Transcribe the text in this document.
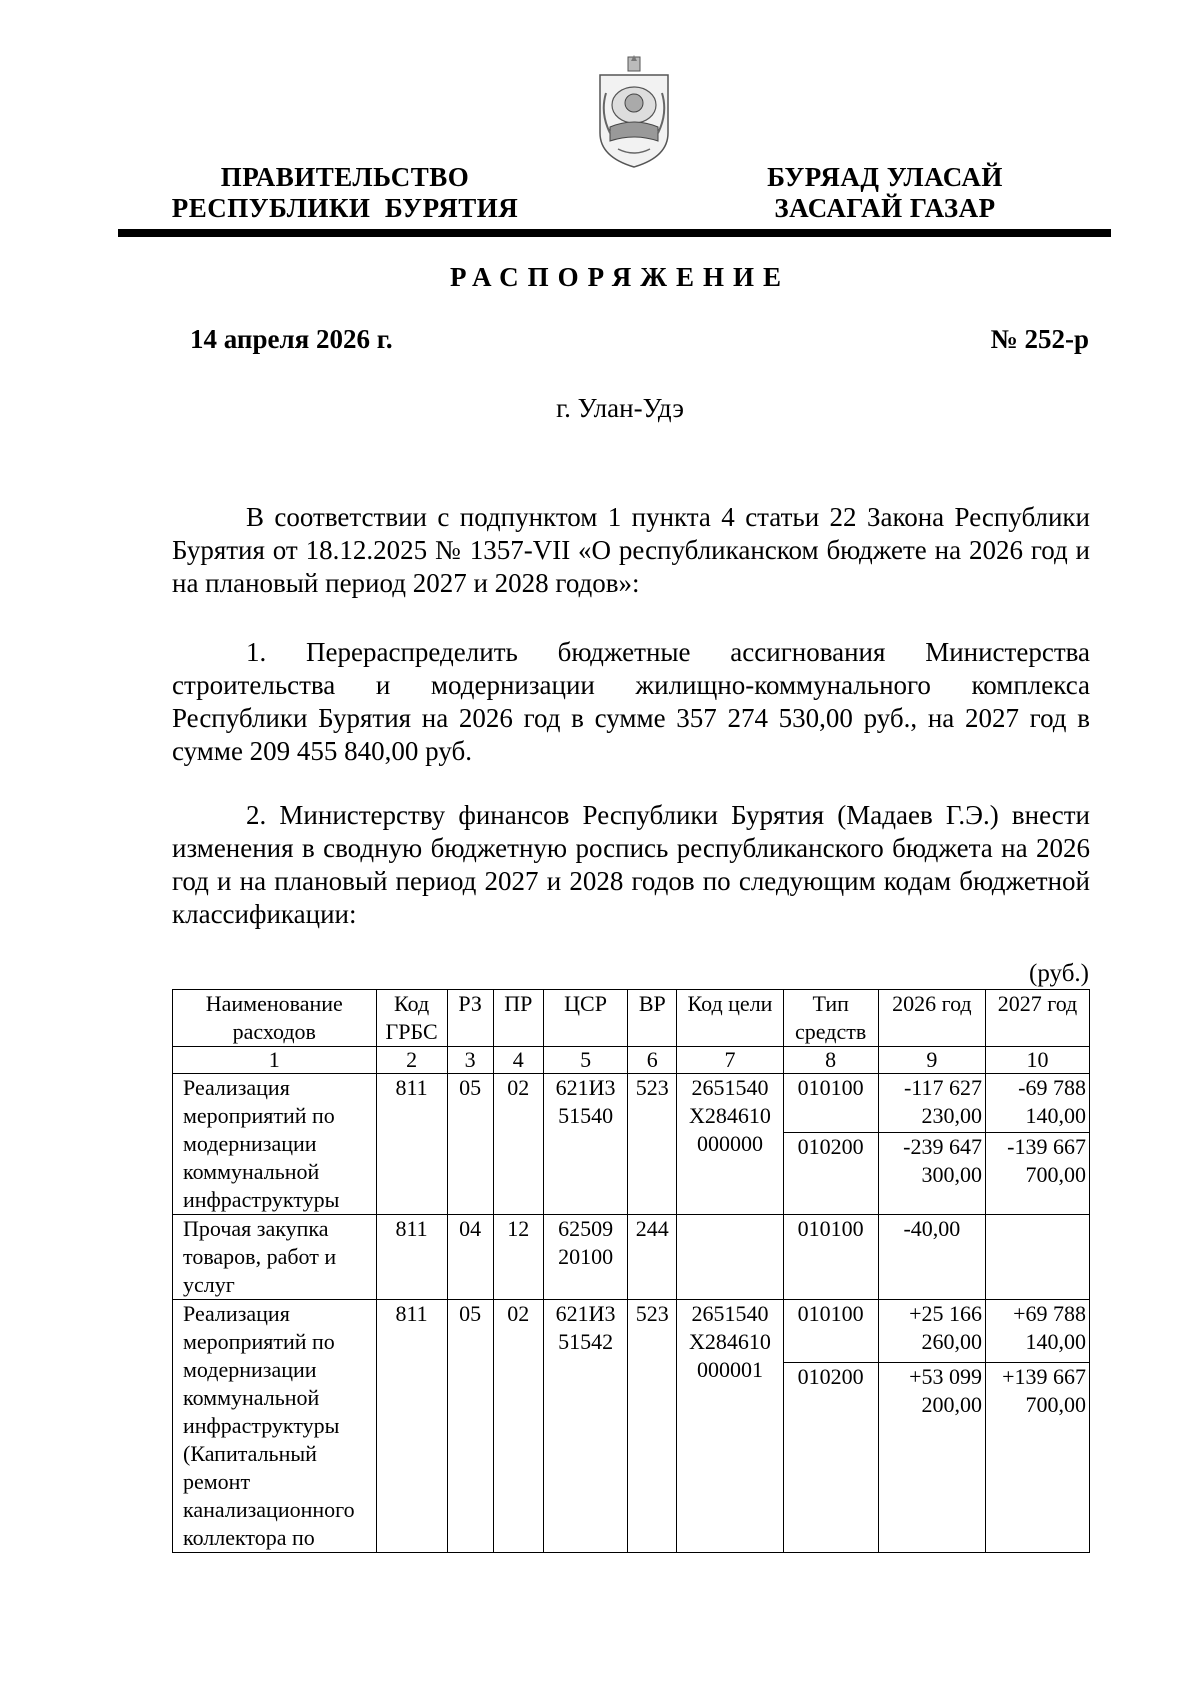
ПРАВИТЕЛЬСТВО
РЕСПУБЛИКИ  БУРЯТИЯ
БУРЯАД УЛАСАЙ
ЗАСАГАЙ ГАЗАР
РАСПОРЯЖЕНИЕ
14 апреля 2026 г.	№ 252-р
г. Улан-Удэ
В соответствии с подпунктом 1 пункта 4 статьи 22 Закона Республики Бурятия от 18.12.2025 № 1357-VII «О республиканском бюджете на 2026 год и на плановый период 2027 и 2028 годов»:
1. Перераспределить бюджетные ассигнования Министерства строительства и модернизации жилищно-коммунального комплекса Республики Бурятия на 2026 год в сумме 357 274 530,00 руб., на 2027 год в сумме 209 455 840,00 руб.
2. Министерству финансов Республики Бурятия (Мадаев Г.Э.) внести изменения в сводную бюджетную роспись республиканского бюджета на 2026 год и на плановый период 2027 и 2028 годов по следующим кодам бюджетной классификации:
(руб.)
Наименование расходов	Код ГРБС	РЗ	ПР	ЦСР	ВР	Код цели	Тип средств	2026 год	2027 год
1	2	3	4	5	6	7	8	9	10
Реализация мероприятий по модернизации коммунальной инфраструктуры	811	05	02	621И3 51540	523	2651540 X284610 000000	010100	-117 627 230,00	-69 788 140,00
							010200	-239 647 300,00	-139 667 700,00
Прочая закупка товаров, работ и услуг	811	04	12	62509 20100	244		010100	-40,00	
Реализация мероприятий по модернизации коммунальной инфраструктуры (Капитальный ремонт канализационного коллектора по	811	05	02	621И3 51542	523	2651540 X284610 000001	010100	+25 166 260,00	+69 788 140,00
							010200	+53 099 200,00	+139 667 700,00
